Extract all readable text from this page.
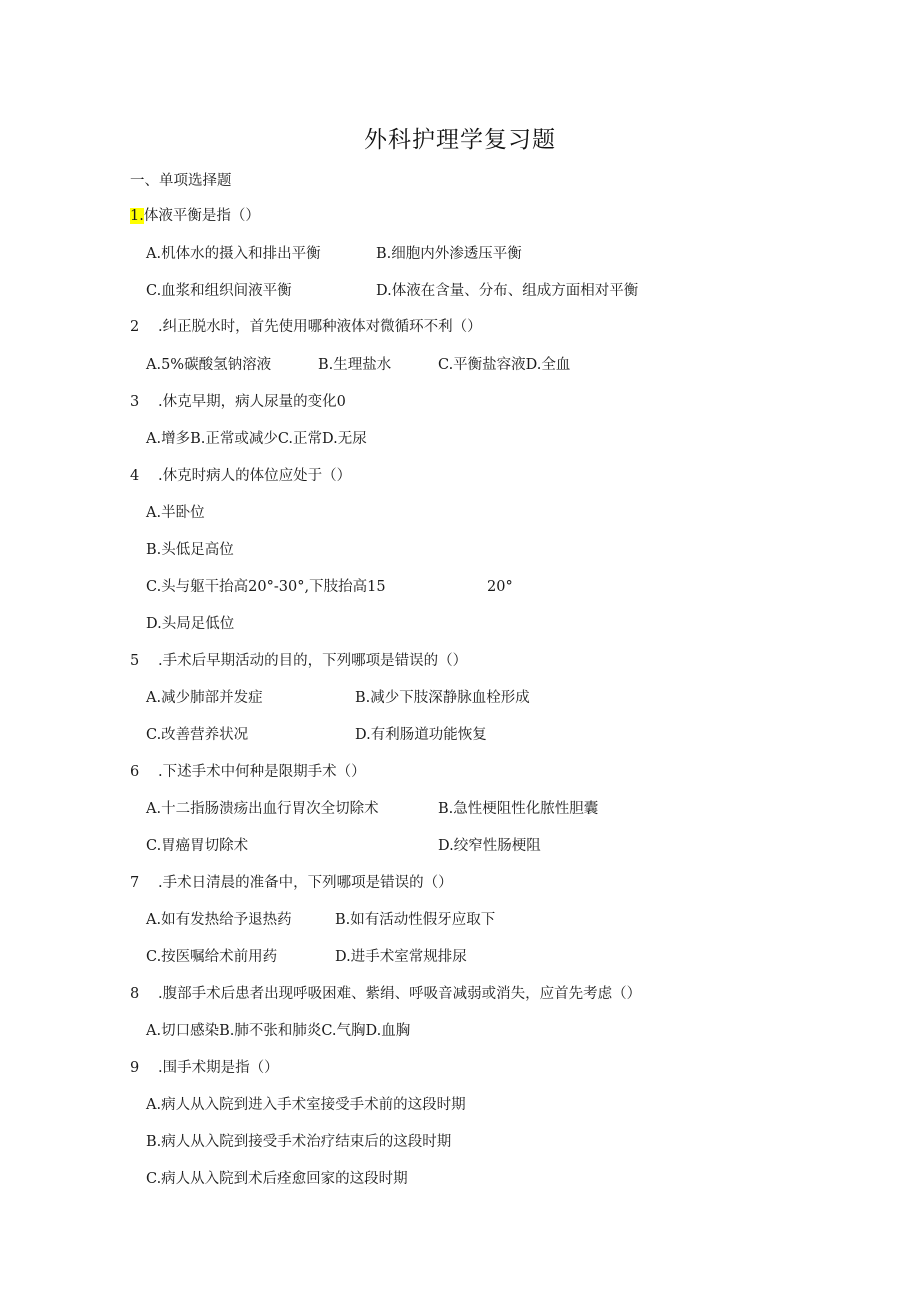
外科护理学复习题
一、单项选择题
1.体液平衡是指（）
A.机体水的摄入和排出平衡	B.细胞内外渗透压平衡
C.血浆和组织间液平衡	D.体液在含量、分布、组成方面相对平衡
2 .纠正脱水时，首先使用哪种液体对微循环不利（）
A.5%碳酸氢钠溶液	B.生理盐水	C.平衡盐容液D.全血
3 .休克早期，病人尿量的变化0
A.增多B.正常或减少C.正常D.无尿
4 .休克时病人的体位应处于（）
A.半卧位
B.头低足高位
C.头与躯干抬高20°-30°,下肢抬高15	20°
D.头局足低位
5 .手术后早期活动的目的，下列哪项是错误的（）
A.减少肺部并发症	B.减少下肢深静脉血栓形成
C.改善营养状况	D.有利肠道功能恢复
6 .下述手术中何种是限期手术（）
A.十二指肠溃疡出血行胃次全切除术	B.急性梗阻性化脓性胆囊
C.胃癌胃切除术	D.绞窄性肠梗阻
7 .手术日清晨的准备中，下列哪项是错误的（）
A.如有发热给予退热药	B.如有活动性假牙应取下
C.按医嘱给术前用药	D.进手术室常规排尿
8 .腹部手术后患者出现呼吸困难、紫绢、呼吸音减弱或消失，应首先考虑（）
A.切口感染B.肺不张和肺炎C.气胸D.血胸
9 .围手术期是指（）
A.病人从入院到进入手术室接受手术前的这段时期
B.病人从入院到接受手术治疗结束后的这段时期
C.病人从入院到术后痊愈回家的这段时期
